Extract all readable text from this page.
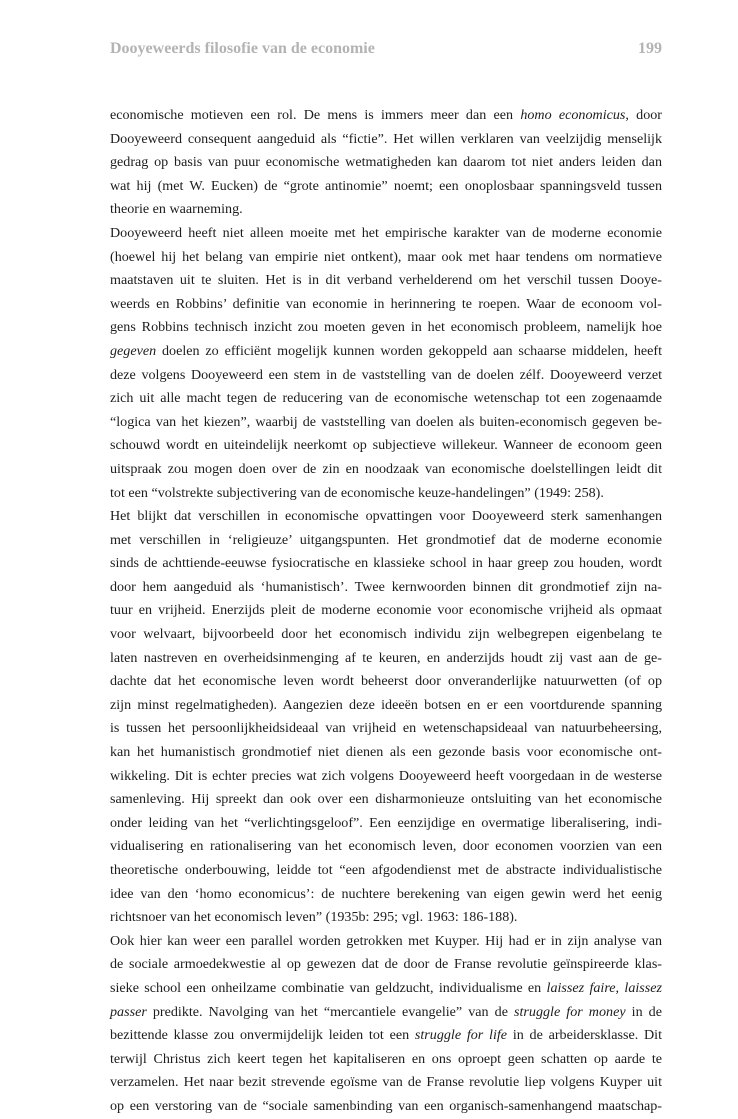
Dooyeweerds filosofie van de economie	199

economische motieven een rol. De mens is immers meer dan een homo economicus, door
Dooyeweerd consequent aangeduid als “fictie”. Het willen verklaren van veelzijdig menselijk
gedrag op basis van puur economische wetmatigheden kan daarom tot niet anders leiden dan
wat hij (met W. Eucken) de “grote antinomie” noemt; een onoplosbaar spanningsveld tussen
theorie en waarneming.

Dooyeweerd heeft niet alleen moeite met het empirische karakter van de moderne economie
(hoewel hij het belang van empirie niet ontkent), maar ook met haar tendens om normatieve
maatstaven uit te sluiten. Het is in dit verband verhelderend om het verschil tussen Dooye-
weerds en Robbins’ definitie van economie in herinnering te roepen. Waar de econoom vol-
gens Robbins technisch inzicht zou moeten geven in het economisch probleem, namelijk hoe
gegeven doelen zo efficiënt mogelijk kunnen worden gekoppeld aan schaarse middelen, heeft
deze volgens Dooyeweerd een stem in de vaststelling van de doelen zélf. Dooyeweerd verzet
zich uit alle macht tegen de reducering van de economische wetenschap tot een zogenaamde
“logica van het kiezen”, waarbij de vaststelling van doelen als buiten-economisch gegeven be-
schouwd wordt en uiteindelijk neerkomt op subjectieve willekeur. Wanneer de econoom geen
uitspraak zou mogen doen over de zin en noodzaak van economische doelstellingen leidt dit
tot een “volstrekte subjectivering van de economische keuze-handelingen” (1949: 258).

Het blijkt dat verschillen in economische opvattingen voor Dooyeweerd sterk samenhangen
met verschillen in ‘religieuze’ uitgangspunten. Het grondmotief dat de moderne economie
sinds de achttiende-eeuwse fysiocratische en klassieke school in haar greep zou houden, wordt
door hem aangeduid als ‘humanistisch’. Twee kernwoorden binnen dit grondmotief zijn na-
tuur en vrijheid. Enerzijds pleit de moderne economie voor economische vrijheid als opmaat
voor welvaart, bijvoorbeeld door het economisch individu zijn welbegrepen eigenbelang te
laten nastreven en overheidsinmenging af te keuren, en anderzijds houdt zij vast aan de ge-
dachte dat het economische leven wordt beheerst door onveranderlijke natuurwetten (of op
zijn minst regelmatigheden). Aangezien deze ideeën botsen en er een voortdurende spanning
is tussen het persoonlijkheidsideaal van vrijheid en wetenschapsideaal van natuurbeheersing,
kan het humanistisch grondmotief niet dienen als een gezonde basis voor economische ont-
wikkeling. Dit is echter precies wat zich volgens Dooyeweerd heeft voorgedaan in de westerse
samenleving. Hij spreekt dan ook over een disharmonieuze ontsluiting van het economische
onder leiding van het “verlichtingsgeloof”. Een eenzijdige en overmatige liberalisering, indi-
vidualisering en rationalisering van het economisch leven, door economen voorzien van een
theoretische onderbouwing, leidde tot “een afgodendienst met de abstracte individualistische
idee van den ‘homo economicus’: de nuchtere berekening van eigen gewin werd het eenig
richtsnoer van het economisch leven” (1935b: 295; vgl. 1963: 186-188).

Ook hier kan weer een parallel worden getrokken met Kuyper. Hij had er in zijn analyse van
de sociale armoedekwestie al op gewezen dat de door de Franse revolutie geïnspireerde klas-
sieke school een onheilzame combinatie van geldzucht, individualisme en laissez faire, laissez
passer predikte. Navolging van het “mercantiele evangelie” van de struggle for money in de
bezittende klasse zou onvermijdelijk leiden tot een struggle for life in de arbeidersklasse. Dit
terwijl Christus zich keert tegen het kapitaliseren en ons oproept geen schatten op aarde te
verzamelen. Het naar bezit strevende egoïsme van de Franse revolutie liep volgens Kuyper uit
op een verstoring van de “sociale samenbinding van een organisch-samenhangend maatschap-
